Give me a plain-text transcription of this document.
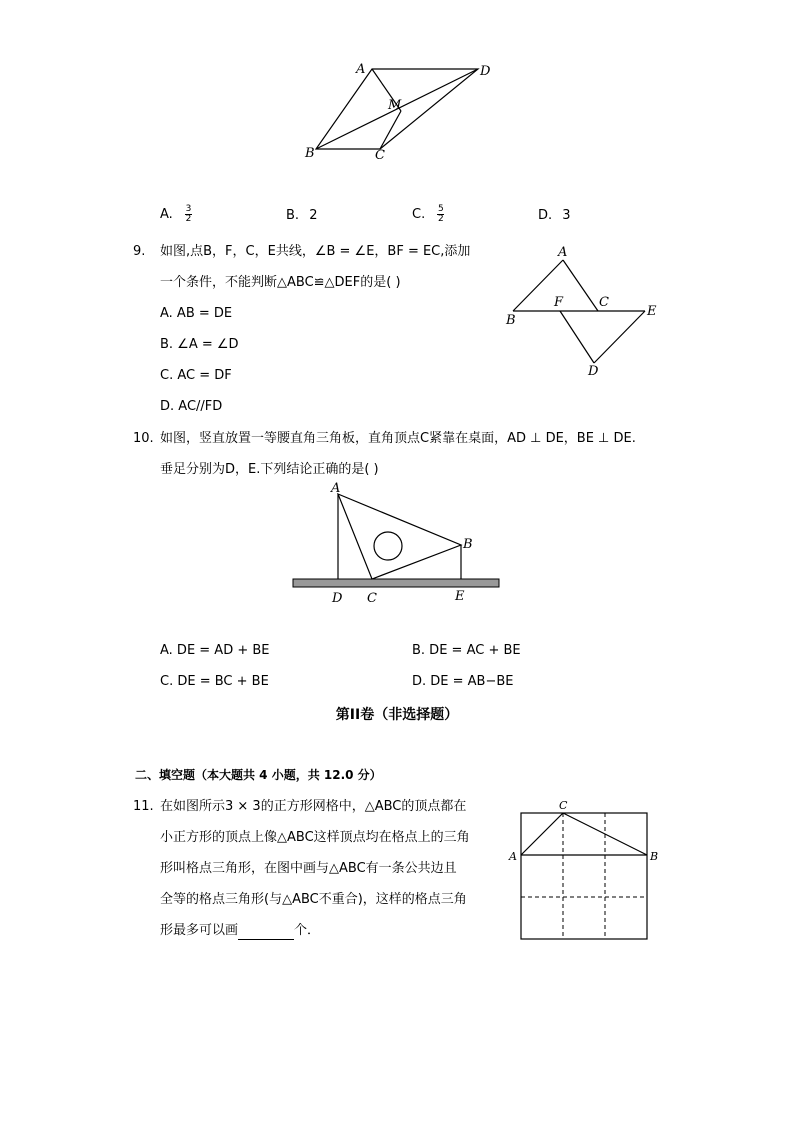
A	D
M
B	C
A. $\frac{3}{2}$	B. 2	C. $\frac{5}{2}$	D. 3
9. 如图,点B，F，C，E共线，∠B = ∠E，BF = EC,添加
一个条件，不能判断△ABC≌△DEF的是( )
A. AB = DE
B. ∠A = ∠D
C. AC = DF
D. AC//FD
A
B
F	C
E
D
10. 如图，竖直放置一等腰直角三角板，直角顶点C紧靠在桌面，AD ⊥ DE，BE ⊥ DE.
垂足分别为D，E.下列结论正确的是( )
A
B
D C	E
A. DE = AD + BE	B. DE = AC + BE
C. DE = BC + BE	D. DE = AB−BE
第II卷（非选择题）
二、填空题（本大题共 4 小题，共 12.0 分）
11. 在如图所示3 × 3的正方形网格中，△ABC的顶点都在
小正方形的顶点上像△ABC这样顶点均在格点上的三角
形叫格点三角形，在图中画与△ABC有一条公共边且
全等的格点三角形(与△ABC不重合)，这样的格点三角
形最多可以画	个．
C
A	B
